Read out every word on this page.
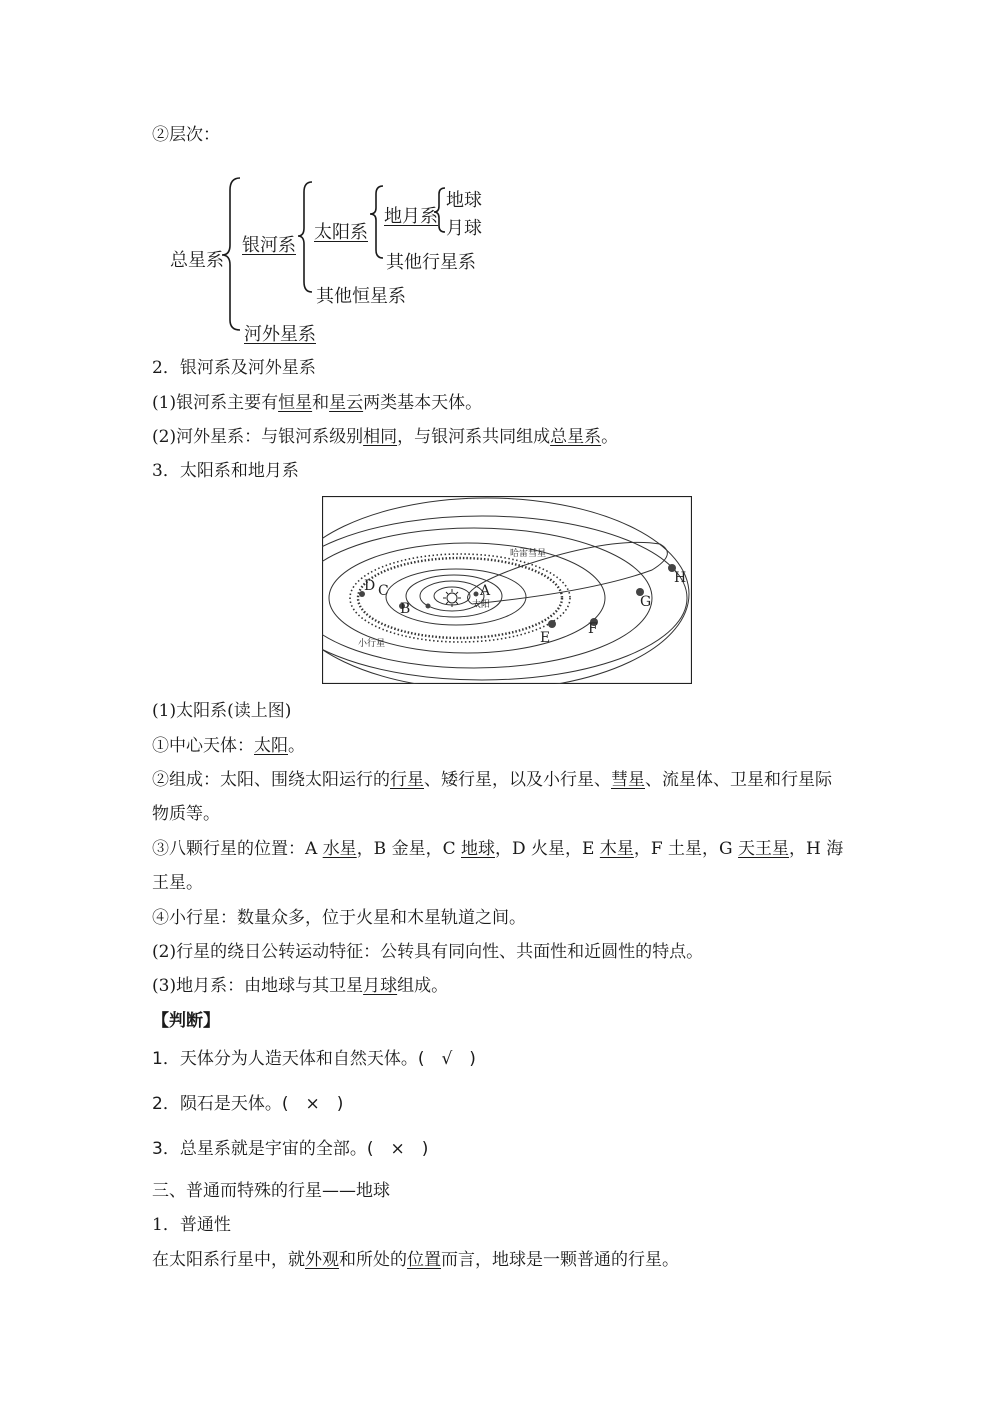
②层次：
总星系
银河系
太阳系
地月系
地球
月球
其他行星系
其他恒星系
河外星系
2．银河系及河外星系
(1)银河系主要有恒星和星云两类基本天体。
(2)河外星系：与银河系级别相同，与银河系共同组成总星系。
3．太阳系和地月系
A
B
C
D
E
F
G
H
太阳
哈雷彗星
小行星
(1)太阳系(读上图)
①中心天体：太阳。
②组成：太阳、围绕太阳运行的行星、矮行星，以及小行星、彗星、流星体、卫星和行星际
物质等。
③八颗行星的位置：A 水星，B 金星，C 地球，D 火星，E 木星，F 土星，G 天王星，H 海
王星。
④小行星：数量众多，位于火星和木星轨道之间。
(2)行星的绕日公转运动特征：公转具有同向性、共面性和近圆性的特点。
(3)地月系：由地球与其卫星月球组成。
【判断】
1．天体分为人造天体和自然天体。(　√　)
2．陨石是天体。(　×　)
3．总星系就是宇宙的全部。(　×　)
三、普通而特殊的行星——地球
1．普通性
在太阳系行星中，就外观和所处的位置而言，地球是一颗普通的行星。
